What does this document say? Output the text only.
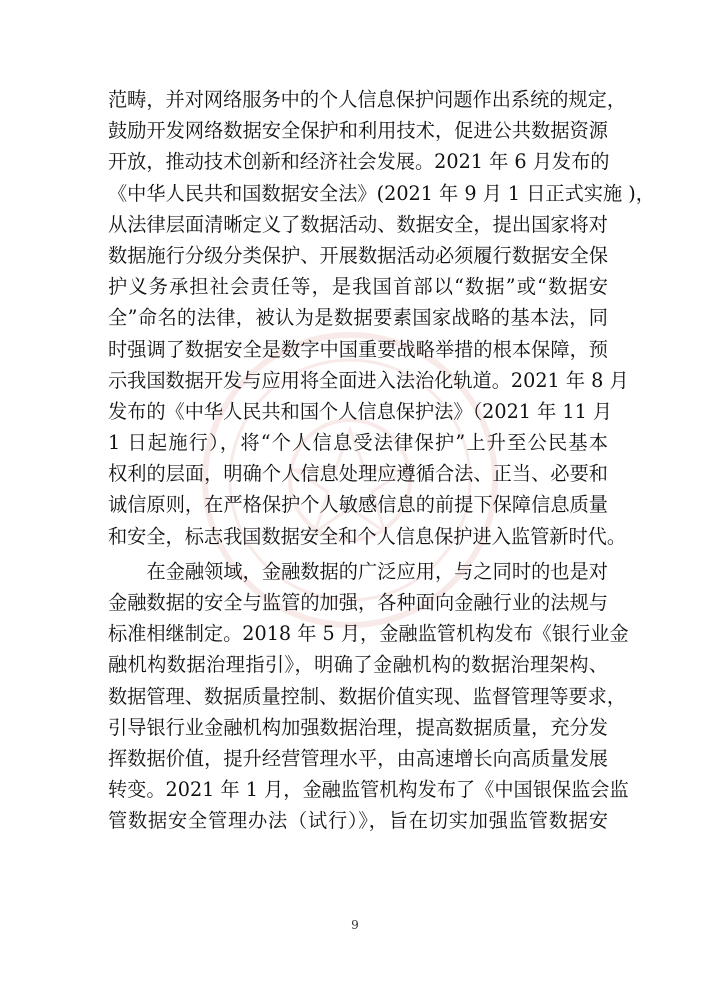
范畴，并对网络服务中的个人信息保护问题作出系统的规定，
鼓励开发网络数据安全保护和利用技术，促进公共数据资源
开放，推动技术创新和经济社会发展。2021 年 6 月发布的
《中华人民共和国数据安全法》(2021 年 9 月 1 日正式实施 )，
从法律层面清晰定义了数据活动、数据安全，提出国家将对
数据施行分级分类保护、开展数据活动必须履行数据安全保
护义务承担社会责任等，是我国首部以“数据”或“数据安
全”命名的法律，被认为是数据要素国家战略的基本法，同
时强调了数据安全是数字中国重要战略举措的根本保障，预
示我国数据开发与应用将全面进入法治化轨道。2021 年 8 月
发布的《中华人民共和国个人信息保护法》（2021 年 11 月
1 日起施行），将“个人信息受法律保护”上升至公民基本
权利的层面，明确个人信息处理应遵循合法、正当、必要和
诚信原则，在严格保护个人敏感信息的前提下保障信息质量
和安全，标志我国数据安全和个人信息保护进入监管新时代。
　　在金融领域，金融数据的广泛应用，与之同时的也是对
金融数据的安全与监管的加强，各种面向金融行业的法规与
标准相继制定。2018 年 5 月，金融监管机构发布《银行业金
融机构数据治理指引》，明确了金融机构的数据治理架构、
数据管理、数据质量控制、数据价值实现、监督管理等要求，
引导银行业金融机构加强数据治理，提高数据质量，充分发
挥数据价值，提升经营管理水平，由高速增长向高质量发展
转变。2021 年 1 月，金融监管机构发布了《中国银保监会监
管数据安全管理办法（试行）》，旨在切实加强监管数据安
9
